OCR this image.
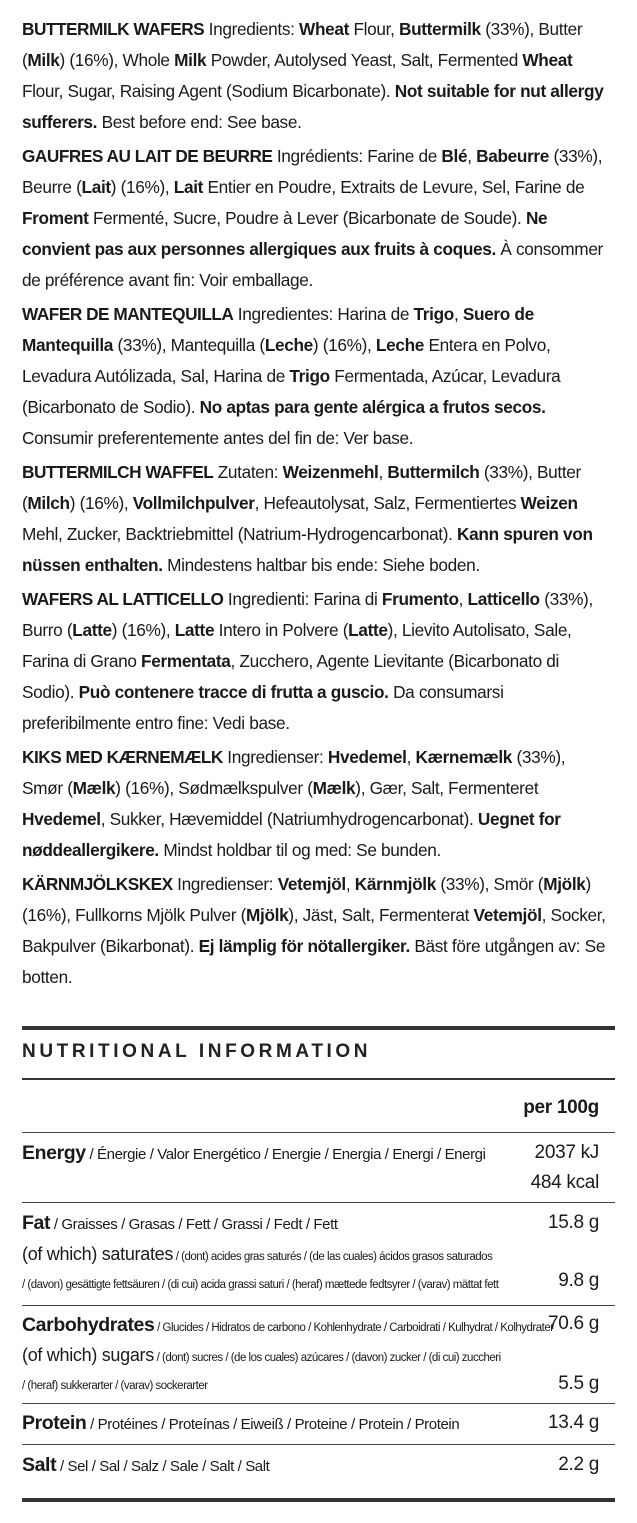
BUTTERMILK WAFERS Ingredients: Wheat Flour, Buttermilk (33%), Butter (Milk) (16%), Whole Milk Powder, Autolysed Yeast, Salt, Fermented Wheat Flour, Sugar, Raising Agent (Sodium Bicarbonate). Not suitable for nut allergy sufferers. Best before end: See base.
GAUFRES AU LAIT DE BEURRE Ingrédients: Farine de Blé, Babeurre (33%), Beurre (Lait) (16%), Lait Entier en Poudre, Extraits de Levure, Sel, Farine de Froment Fermenté, Sucre, Poudre à Lever (Bicarbonate de Soude). Ne convient pas aux personnes allergiques aux fruits à coques. À consommer de préférence avant fin: Voir emballage.
WAFER DE MANTEQUILLA Ingredientes: Harina de Trigo, Suero de Mantequilla (33%), Mantequilla (Leche) (16%), Leche Entera en Polvo, Levadura Autólizada, Sal, Harina de Trigo Fermentada, Azúcar, Levadura (Bicarbonato de Sodio). No aptas para gente alérgica a frutos secos. Consumir preferentemente antes del fin de: Ver base.
BUTTERMILCH WAFFEL Zutaten: Weizenmehl, Buttermilch (33%), Butter (Milch) (16%), Vollmilchpulver, Hefeautolysat, Salz, Fermentiertes Weizen Mehl, Zucker, Backtriebmittel (Natrium-Hydrogencarbonat). Kann spuren von nüssen enthalten. Mindestens haltbar bis ende: Siehe boden.
WAFERS AL LATTICELLO Ingredienti: Farina di Frumento, Latticello (33%), Burro (Latte) (16%), Latte Intero in Polvere (Latte), Lievito Autolisato, Sale, Farina di Grano Fermentata, Zucchero, Agente Lievitante (Bicarbonato di Sodio). Può contenere tracce di frutta a guscio. Da consumarsi preferibilmente entro fine: Vedi base.
KIKS MED KÆRNEMÆLK Ingredienser: Hvedemel, Kærnemælk (33%), Smør (Mælk) (16%), Sødmælkspulver (Mælk), Gær, Salt, Fermenteret Hvedemel, Sukker, Hævemiddel (Natriumhydrogencarbonat). Uegnet for nøddeallergikere. Mindst holdbar til og med: Se bunden.
KÄRNMJÖLKSKEX Ingredienser: Vetemjöl, Kärnmjölk (33%), Smör (Mjölk) (16%), Fullkorns Mjölk Pulver (Mjölk), Jäst, Salt, Fermenterat Vetemjöl, Socker, Bakpulver (Bikarbonat). Ej lämplig för nötallergiker. Bäst före utgången av: Se botten.
NUTRITIONAL INFORMATION
per 100g
Energy / Énergie / Valor Energético / Energie / Energia / Energi / Energi	2037 kJ
484 kcal
Fat / Graisses / Grasas / Fett / Grassi / Fedt / Fett	15.8 g
(of which) saturates / (dont) acides gras saturés / (de las cuales) ácidos grasos saturados
/ (davon) gesättigte fettsäuren / (di cui) acida grassi saturi / (heraf) mættede fedtsyrer / (varav) mättat fett	9.8 g
Carbohydrates / Glucides / Hidratos de carbono / Kohlenhydrate / Carboidrati / Kulhydrat / Kolhydrater
70.6 g
(of which) sugars / (dont) sucres / (de los cuales) azúcares / (davon) zucker / (di cui) zuccheri
/ (heraf) sukkerarter / (varav) sockerarter	5.5 g
Protein / Protéines / Proteínas / Eiweiß / Proteine / Protein / Protein	13.4 g
Salt / Sel / Sal / Salz / Sale / Salt / Salt	2.2 g
